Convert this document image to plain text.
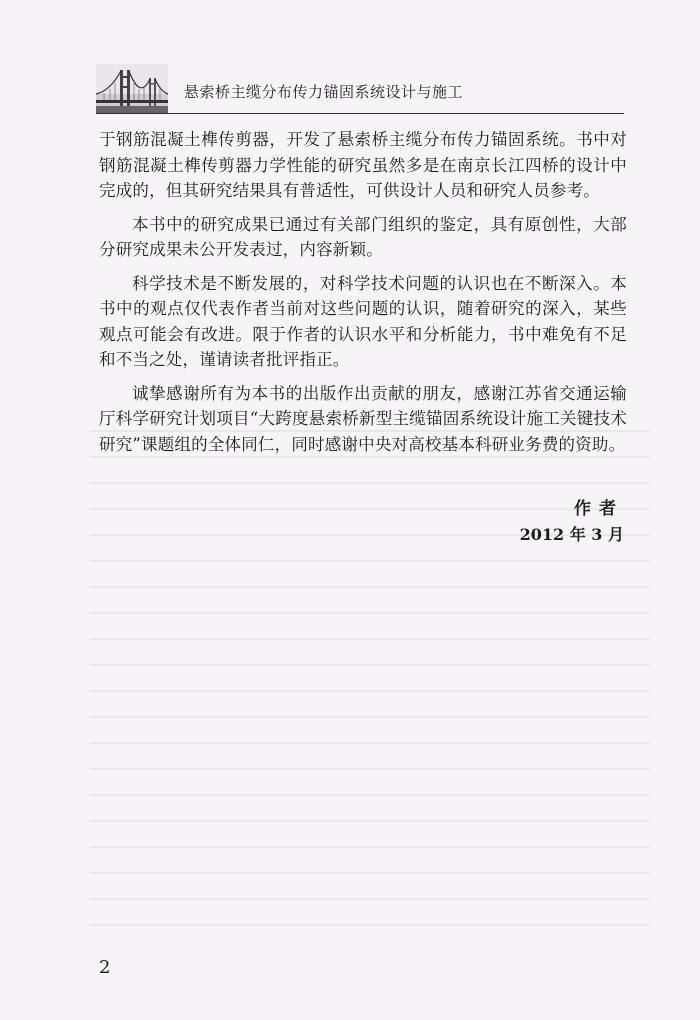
悬索桥主缆分布传力锚固系统设计与施工

于钢筋混凝土榫传剪器，开发了悬索桥主缆分布传力锚固系统。书中对钢筋混凝土榫传剪器力学性能的研究虽然多是在南京长江四桥的设计中完成的，但其研究结果具有普适性，可供设计人员和研究人员参考。

本书中的研究成果已通过有关部门组织的鉴定，具有原创性，大部分研究成果未公开发表过，内容新颖。

科学技术是不断发展的，对科学技术问题的认识也在不断深入。本书中的观点仅代表作者当前对这些问题的认识，随着研究的深入，某些观点可能会有改进。限于作者的认识水平和分析能力，书中难免有不足和不当之处，谨请读者批评指正。

诚挚感谢所有为本书的出版作出贡献的朋友，感谢江苏省交通运输厅科学研究计划项目“大跨度悬索桥新型主缆锚固系统设计施工关键技术研究”课题组的全体同仁，同时感谢中央对高校基本科研业务费的资助。

作者
2012 年 3 月
2
